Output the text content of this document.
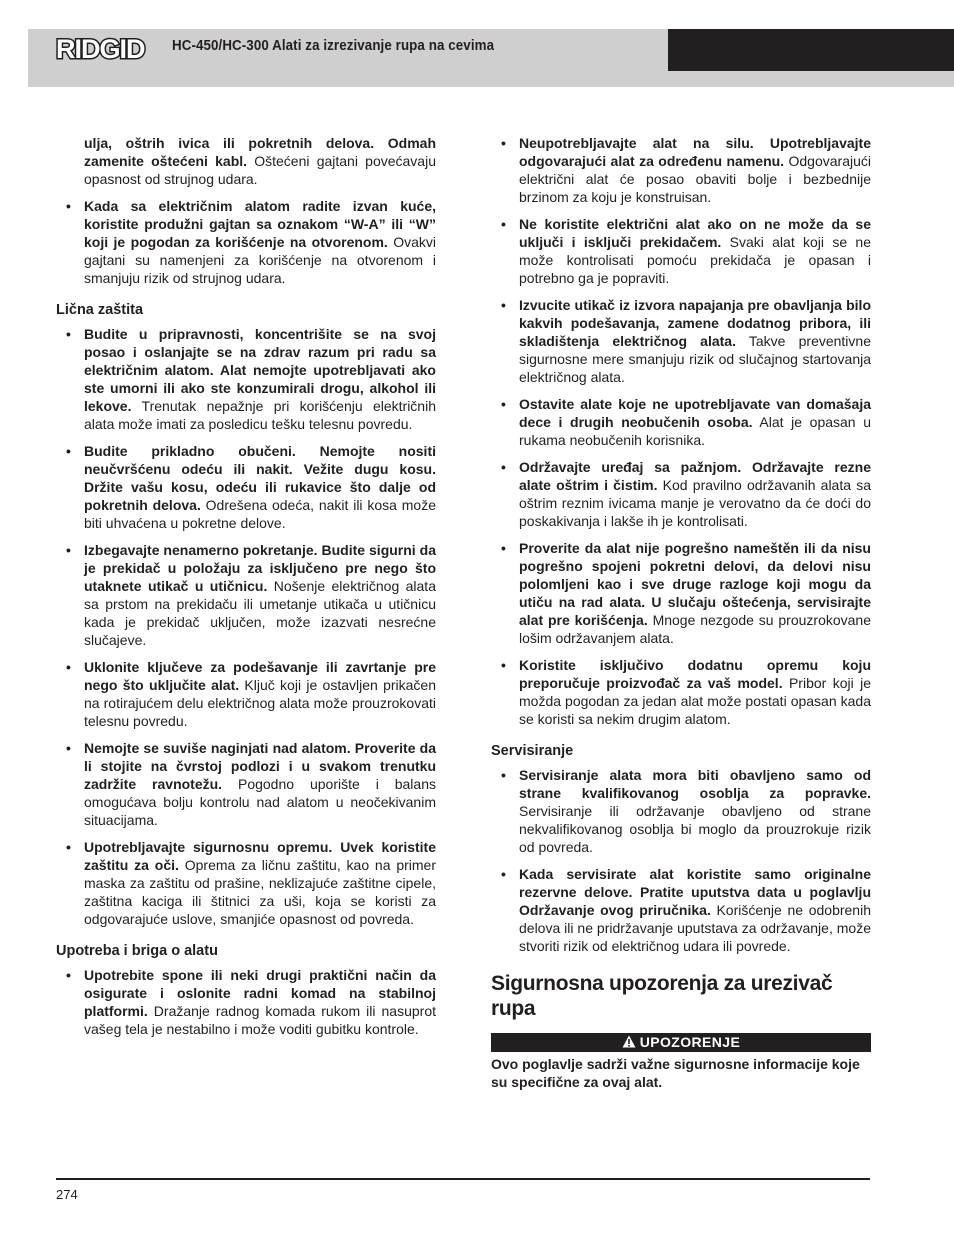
RIDGID HC-450/HC-300 Alati za izrezivanje rupa na cevima
ulja, oštrih ivica ili pokretnih delova. Odmah zamenite oštećeni kabl. Oštećeni gajtani povećavaju opasnost od strujnog udara.
• Kada sa električnim alatom radite izvan kuće, koristite produžni gajtan sa oznakom “W-A” ili “W” koji je pogodan za korišćenje na otvorenom. Ovakvi gajtani su namenjeni za korišćenje na otvorenom i smanjuju rizik od strujnog udara.
Lična zaštita
• Budite u pripravnosti, koncentrišite se na svoj posao i oslanjajte se na zdrav razum pri radu sa električnim alatom. Alat nemojte upotrebljavati ako ste umorni ili ako ste konzumirali drogu, alkohol ili lekove. Trenutak nepažnje pri korišćenju električnih alata može imati za posledicu tešku telesnu povredu.
• Budite prikladno obučeni. Nemojte nositi neučvršćenu odeću ili nakit. Vežite dugu kosu. Držite vašu kosu, odeću ili rukavice što dalje od pokretnih delova. Odrešena odeća, nakit ili kosa može biti uhvaćena u pokretne delove.
• Izbegavajte nenamerno pokretanje. Budite sigurni da je prekidač u položaju za isključeno pre nego što utaknete utikač u utičnicu. Nošenje električnog alata sa prstom na prekidaču ili umetanje utikača u utičnicu kada je prekidač uključen, može izazvati nesrećne slučajeve.
• Uklonite ključeve za podešavanje ili zavrtanje pre nego što uključite alat. Ključ koji je ostavljen prikačen na rotirajućem delu električnog alata može prouzrokovati telesnu povredu.
• Nemojte se suviše naginjati nad alatom. Proverite da li stojite na čvrstoj podlozi i u svakom trenutku zadržite ravnotežu. Pogodno uporište i balans omogućava bolju kontrolu nad alatom u neočekivanim situacijama.
• Upotrebljavajte sigurnosnu opremu. Uvek koristite zaštitu za oči. Oprema za ličnu zaštitu, kao na primer maska za zaštitu od prašine, neklizajuće zaštitne cipele, zaštitna kaciga ili štitnici za uši, koja se koristi za odgovarajuće uslove, smanjiće opasnost od povreda.
Upotreba i briga o alatu
• Upotrebite spone ili neki drugi praktični način da osigurate i oslonite radni komad na stabilnoj platformi. Dražanje radnog komada rukom ili nasuprot vašeg tela je nestabilno i može voditi gubitku kontrole.
• Neupotrebljavajte alat na silu. Upotrebljavajte odgovarajući alat za određenu namenu. Odgovarajući električni alat će posao obaviti bolje i bezbednije brzinom za koju je konstruisan.
• Ne koristite električni alat ako on ne može da se uključi i isključi prekidačem. Svaki alat koji se ne može kontrolisati pomoću prekidača je opasan i potrebno ga je popraviti.
• Izvucite utikač iz izvora napajanja pre obavljanja bilo kakvih podešavanja, zamene dodatnog pribora, ili skladištenja električnog alata. Takve preventivne sigurnosne mere smanjuju rizik od slučajnog startovanja električnog alata.
• Ostavite alate koje ne upotrebljavate van domašaja dece i drugih neobučenih osoba. Alat je opasan u rukama neobučenih korisnika.
• Održavajte uređaj sa pažnjom. Održavajte rezne alate oštrim i čistim. Kod pravilno održavanih alata sa oštrim reznim ivicama manje je verovatno da će doći do poskakivanja i lakše ih je kontrolisati.
• Proverite da alat nije pogrešno nameštěn ili da nisu pogrešno spojeni pokretni delovi, da delovi nisu polomljeni kao i sve druge razloge koji mogu da utiču na rad alata. U slučaju oštećenja, servisirajte alat pre korišćenja. Mnoge nezgode su prouzrokovane lošim održavanjem alata.
• Koristite isključivo dodatnu opremu koju preporučuje proizvođač za vaš model. Pribor koji je možda pogodan za jedan alat može postati opasan kada se koristi sa nekim drugim alatom.
Servisiranje
• Servisiranje alata mora biti obavljeno samo od strane kvalifikovanog osoblja za popravke. Servisiranje ili održavanje obavljeno od strane nekvalifikovanog osoblja bi moglo da prouzrokuje rizik od povreda.
• Kada servisirate alat koristite samo originalne rezervne delove. Pratite uputstva data u poglavlju Održavanje ovog priručnika. Korišćenje ne odobrenih delova ili ne pridržavanje uputstava za održavanje, može stvoriti rizik od električnog udara ili povrede.
Sigurnosna upozorenja za urezivač rupa
UPOZORENJE
Ovo poglavlje sadrži važne sigurnosne informacije koje su specifične za ovaj alat.
274
